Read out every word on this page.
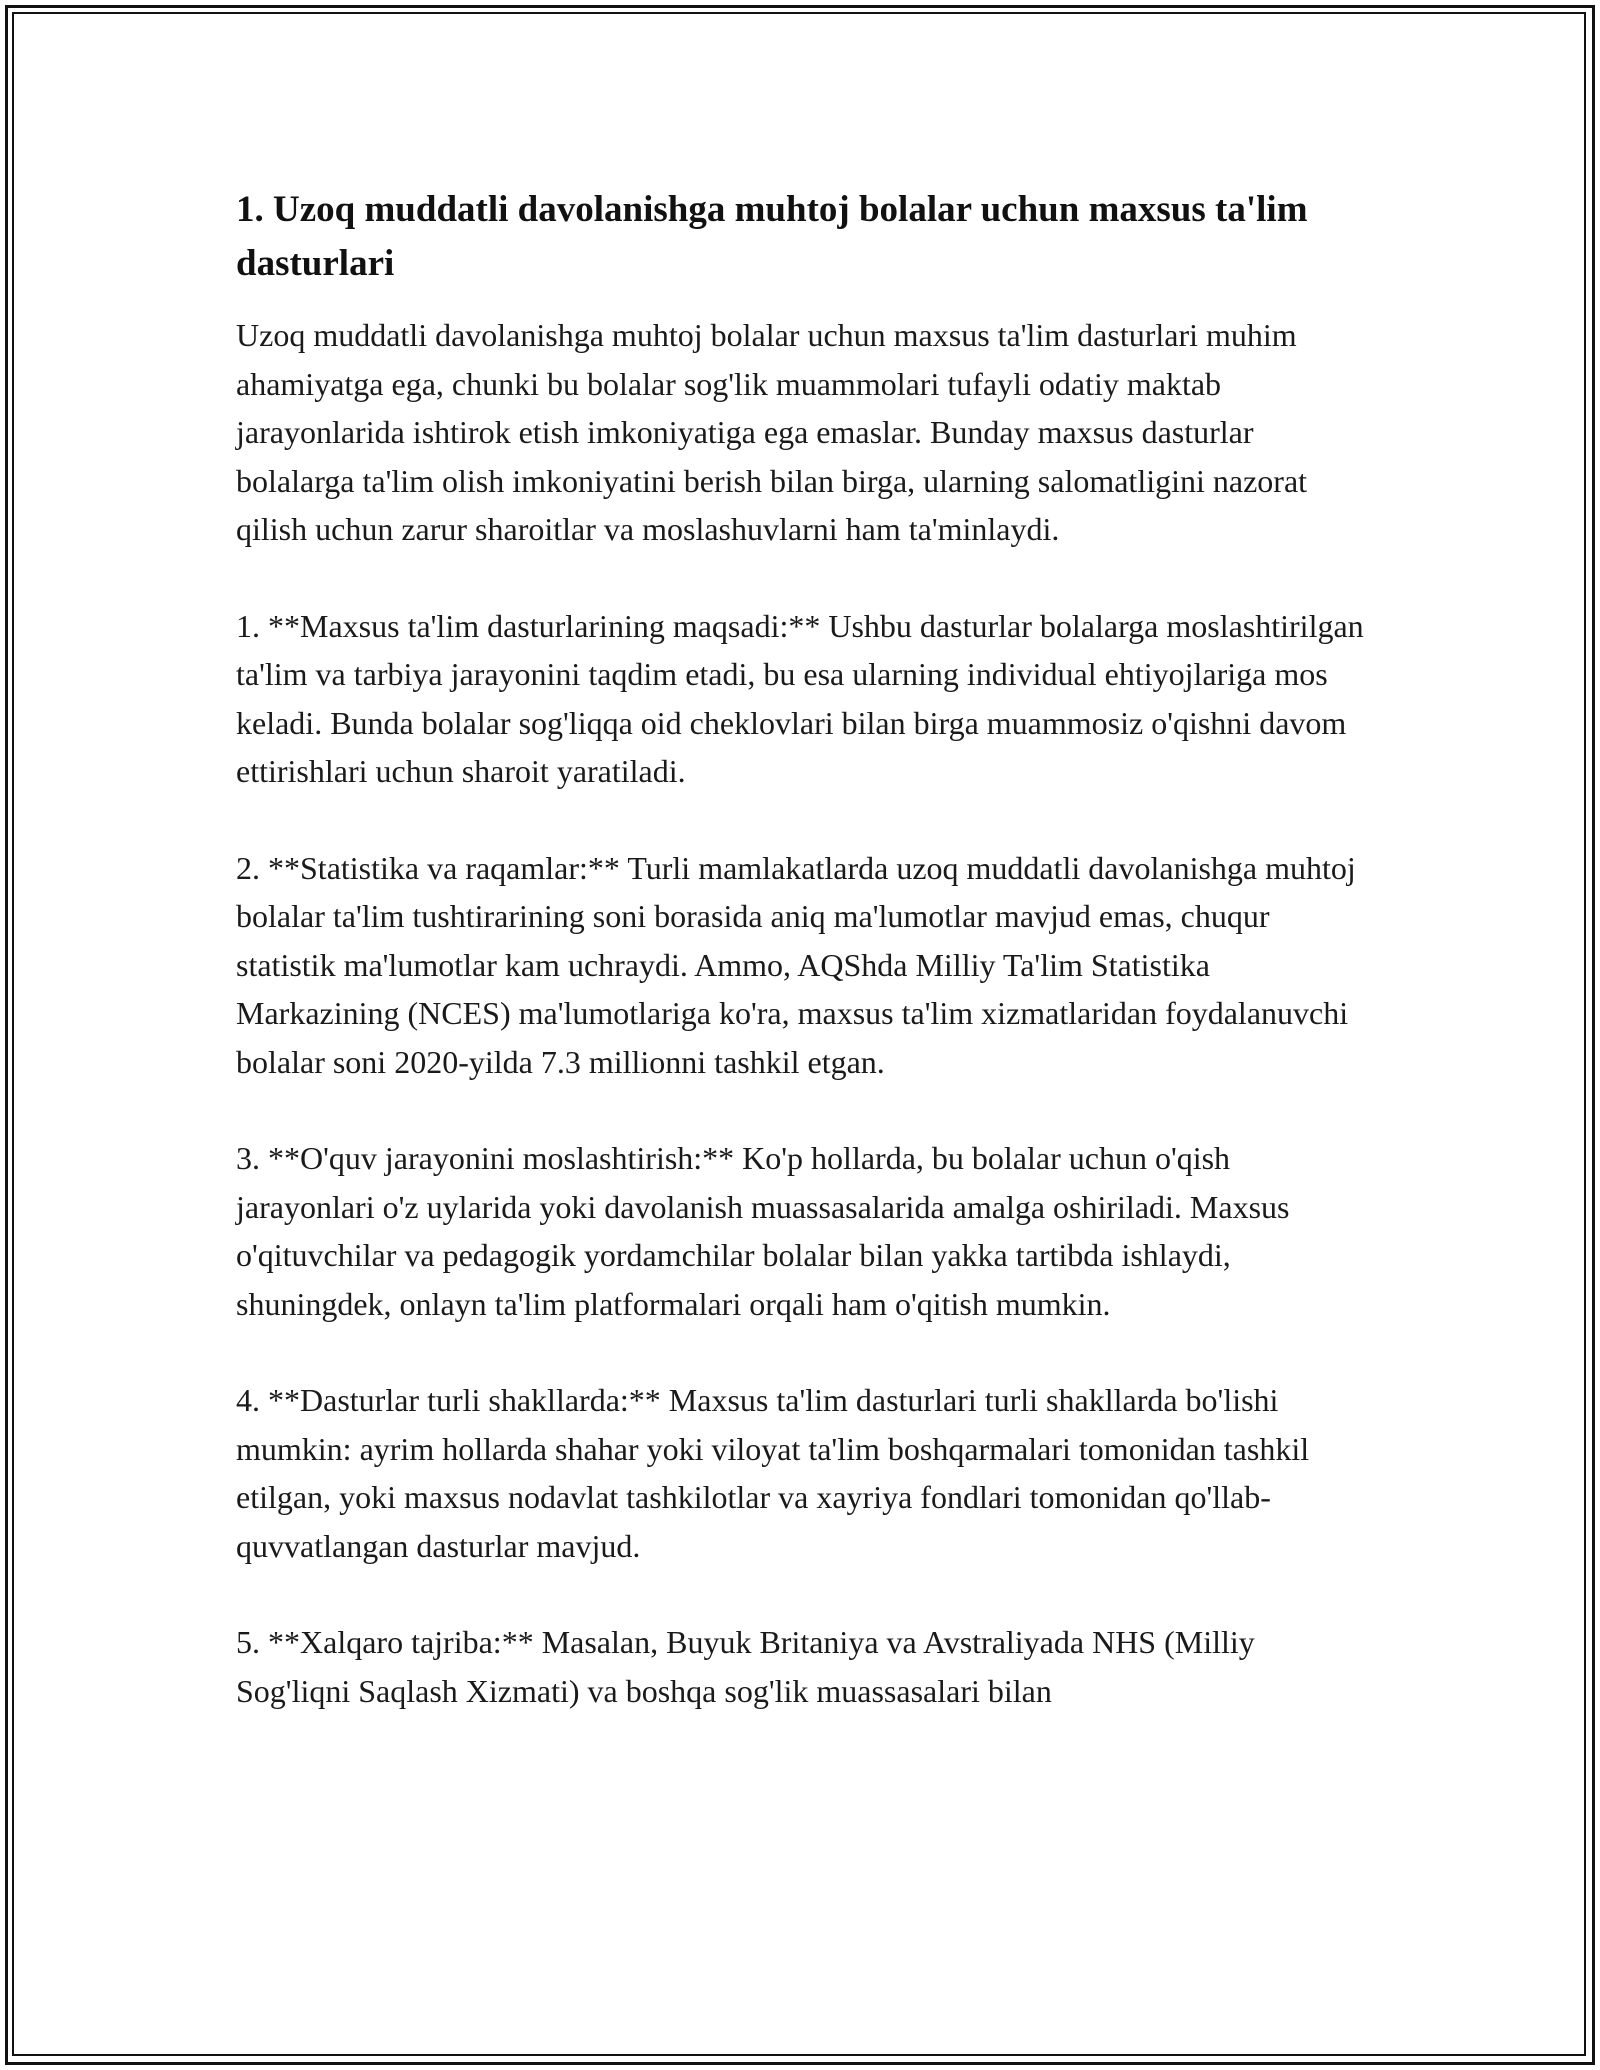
1. Uzoq muddatli davolanishga muhtoj bolalar uchun maxsus ta'lim dasturlari

Uzoq muddatli davolanishga muhtoj bolalar uchun maxsus ta'lim dasturlari muhim ahamiyatga ega, chunki bu bolalar sog'lik muammolari tufayli odatiy maktab jarayonlarida ishtirok etish imkoniyatiga ega emaslar. Bunday maxsus dasturlar bolalarga ta'lim olish imkoniyatini berish bilan birga, ularning salomatligini nazorat qilish uchun zarur sharoitlar va moslashuvlarni ham ta'minlaydi.

1. **Maxsus ta'lim dasturlarining maqsadi:** Ushbu dasturlar bolalarga moslashtirilgan ta'lim va tarbiya jarayonini taqdim etadi, bu esa ularning individual ehtiyojlariga mos keladi. Bunda bolalar sog'liqqa oid cheklovlari bilan birga muammosiz o'qishni davom ettirishlari uchun sharoit yaratiladi.

2. **Statistika va raqamlar:** Turli mamlakatlarda uzoq muddatli davolanishga muhtoj bolalar ta'lim tushtirarining soni borasida aniq ma'lumotlar mavjud emas, chuqur statistik ma'lumotlar kam uchraydi. Ammo, AQShda Milliy Ta'lim Statistika Markazining (NCES) ma'lumotlariga ko'ra, maxsus ta'lim xizmatlaridan foydalanuvchi bolalar soni 2020-yilda 7.3 millionni tashkil etgan.

3. **O'quv jarayonini moslashtirish:** Ko'p hollarda, bu bolalar uchun o'qish jarayonlari o'z uylarida yoki davolanish muassasalarida amalga oshiriladi. Maxsus o'qituvchilar va pedagogik yordamchilar bolalar bilan yakka tartibda ishlaydi, shuningdek, onlayn ta'lim platformalari orqali ham o'qitish mumkin.

4. **Dasturlar turli shakllarda:** Maxsus ta'lim dasturlari turli shakllarda bo'lishi mumkin: ayrim hollarda shahar yoki viloyat ta'lim boshqarmalari tomonidan tashkil etilgan, yoki maxsus nodavlat tashkilotlar va xayriya fondlari tomonidan qo'llab-quvvatlangan dasturlar mavjud.

5. **Xalqaro tajriba:** Masalan, Buyuk Britaniya va Avstraliyada NHS (Milliy Sog'liqni Saqlash Xizmati) va boshqa sog'lik muassasalari bilan
